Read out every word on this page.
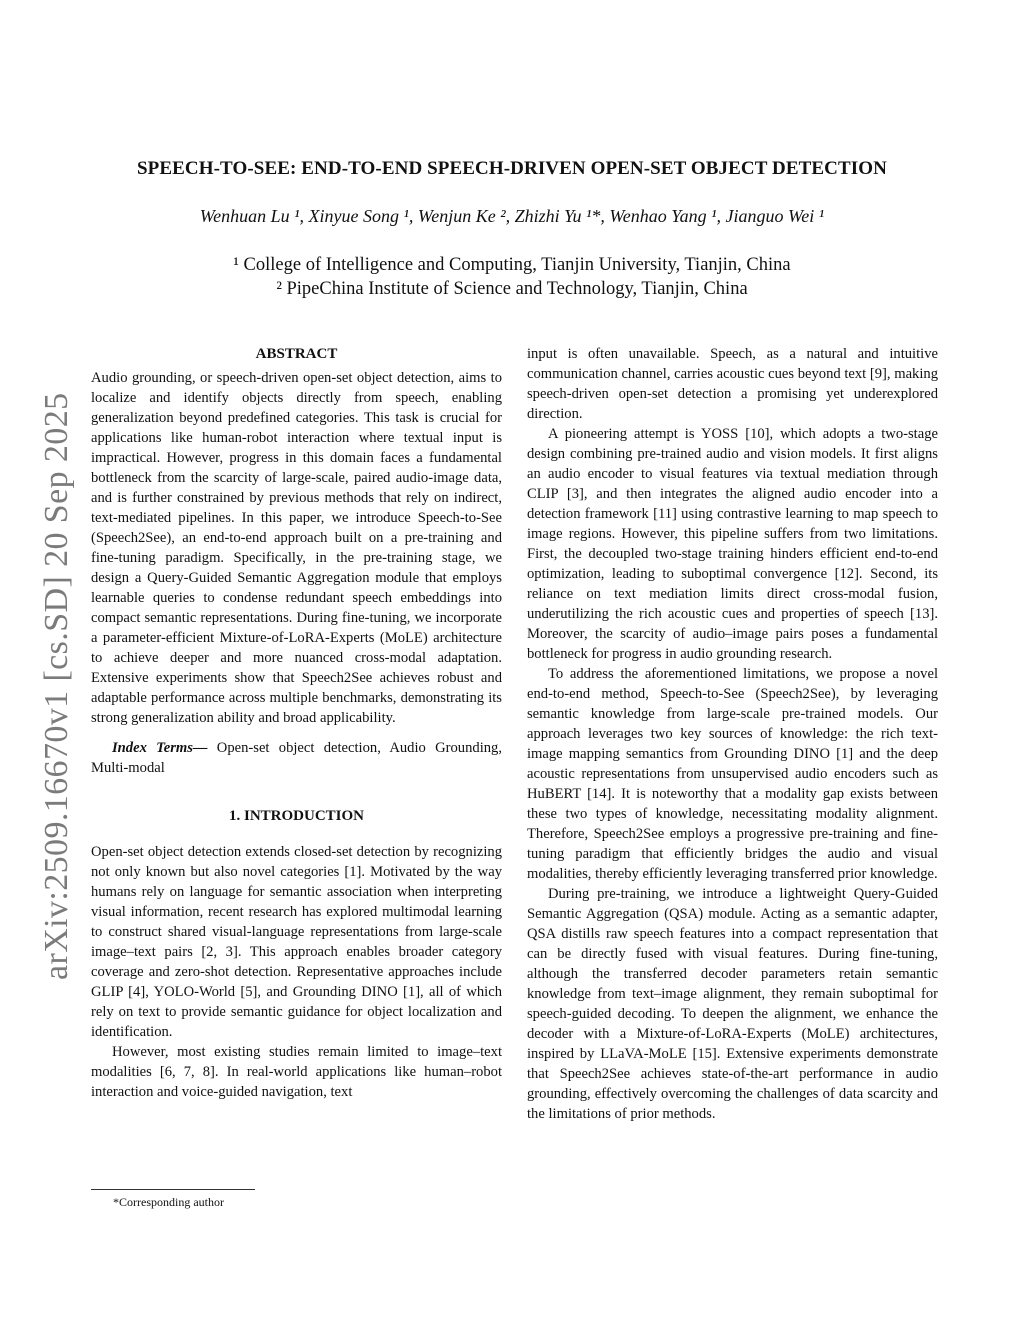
SPEECH-TO-SEE: END-TO-END SPEECH-DRIVEN OPEN-SET OBJECT DETECTION
Wenhuan Lu ¹, Xinyue Song ¹, Wenjun Ke ², Zhizhi Yu ¹*, Wenhao Yang ¹, Jianguo Wei ¹
¹ College of Intelligence and Computing, Tianjin University, Tianjin, China
² PipeChina Institute of Science and Technology, Tianjin, China
arXiv:2509.16670v1 [cs.SD] 20 Sep 2025
ABSTRACT

Audio grounding, or speech-driven open-set object detection, aims to localize and identify objects directly from speech, enabling generalization beyond predefined categories. This task is crucial for applications like human-robot interaction where textual input is impractical. However, progress in this domain faces a fundamental bottleneck from the scarcity of large-scale, paired audio-image data, and is further constrained by previous methods that rely on indirect, text-mediated pipelines. In this paper, we introduce Speech-to-See (Speech2See), an end-to-end approach built on a pre-training and fine-tuning paradigm. Specifically, in the pre-training stage, we design a Query-Guided Semantic Aggregation module that employs learnable queries to condense redundant speech embeddings into compact semantic representations. During fine-tuning, we incorporate a parameter-efficient Mixture-of-LoRA-Experts (MoLE) architecture to achieve deeper and more nuanced cross-modal adaptation. Extensive experiments show that Speech2See achieves robust and adaptable performance across multiple benchmarks, demonstrating its strong generalization ability and broad applicability.

Index Terms— Open-set object detection, Audio Grounding, Multi-modal

1. INTRODUCTION

Open-set object detection extends closed-set detection by recognizing not only known but also novel categories [1]. Motivated by the way humans rely on language for semantic association when interpreting visual information, recent research has explored multimodal learning to construct shared visual-language representations from large-scale image–text pairs [2, 3]. This approach enables broader category coverage and zero-shot detection. Representative approaches include GLIP [4], YOLO-World [5], and Grounding DINO [1], all of which rely on text to provide semantic guidance for object localization and identification.

However, most existing studies remain limited to image–text modalities [6, 7, 8]. In real-world applications like human–robot interaction and voice-guided navigation, text

*Corresponding author

input is often unavailable. Speech, as a natural and intuitive communication channel, carries acoustic cues beyond text [9], making speech-driven open-set detection a promising yet underexplored direction.

A pioneering attempt is YOSS [10], which adopts a two-stage design combining pre-trained audio and vision models. It first aligns an audio encoder to visual features via textual mediation through CLIP [3], and then integrates the aligned audio encoder into a detection framework [11] using contrastive learning to map speech to image regions. However, this pipeline suffers from two limitations. First, the decoupled two-stage training hinders efficient end-to-end optimization, leading to suboptimal convergence [12]. Second, its reliance on text mediation limits direct cross-modal fusion, underutilizing the rich acoustic cues and properties of speech [13]. Moreover, the scarcity of audio–image pairs poses a fundamental bottleneck for progress in audio grounding research.

To address the aforementioned limitations, we propose a novel end-to-end method, Speech-to-See (Speech2See), by leveraging semantic knowledge from large-scale pre-trained models. Our approach leverages two key sources of knowledge: the rich text-image mapping semantics from Grounding DINO [1] and the deep acoustic representations from unsupervised audio encoders such as HuBERT [14]. It is noteworthy that a modality gap exists between these two types of knowledge, necessitating modality alignment. Therefore, Speech2See employs a progressive pre-training and fine-tuning paradigm that efficiently bridges the audio and visual modalities, thereby efficiently leveraging transferred prior knowledge.

During pre-training, we introduce a lightweight Query-Guided Semantic Aggregation (QSA) module. Acting as a semantic adapter, QSA distills raw speech features into a compact representation that can be directly fused with visual features. During fine-tuning, although the transferred decoder parameters retain semantic knowledge from text–image alignment, they remain suboptimal for speech-guided decoding. To deepen the alignment, we enhance the decoder with a Mixture-of-LoRA-Experts (MoLE) architectures, inspired by LLaVA-MoLE [15]. Extensive experiments demonstrate that Speech2See achieves state-of-the-art performance in audio grounding, effectively overcoming the challenges of data scarcity and the limitations of prior methods.
